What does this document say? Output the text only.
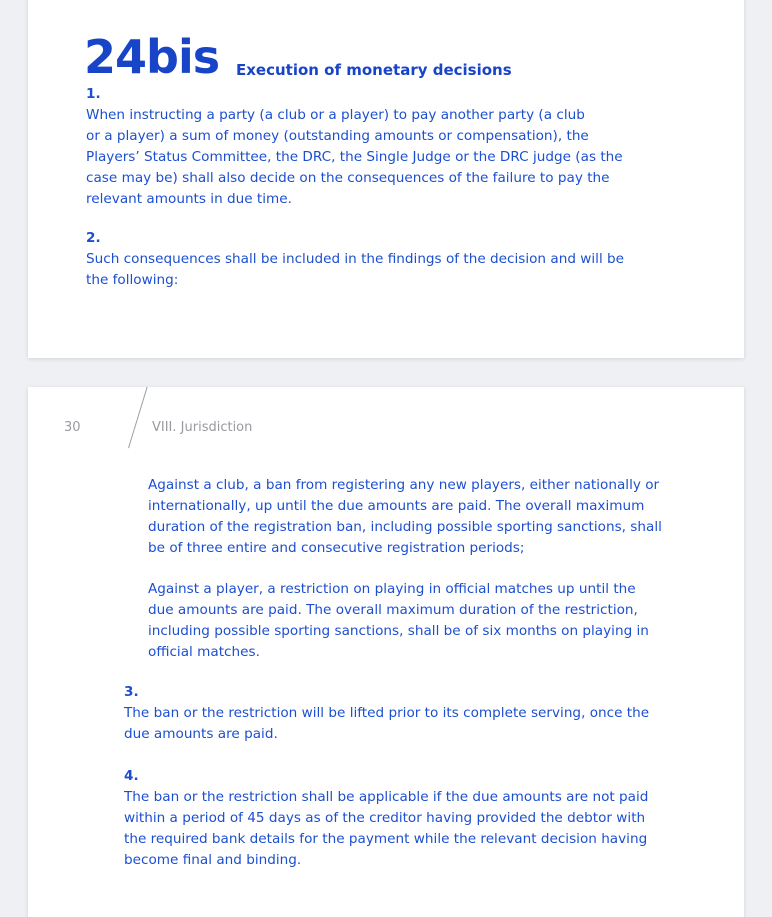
24bis Execution of monetary decisions
1.
When instructing a party (a club or a player) to pay another party (a club
or a player) a sum of money (outstanding amounts or compensation), the
Players’ Status Committee, the DRC, the Single Judge or the DRC judge (as the
case may be) shall also decide on the consequences of the failure to pay the
relevant amounts in due time.
2.
Such consequences shall be included in the findings of the decision and will be
the following:
30	VIII. Jurisdiction
Against a club, a ban from registering any new players, either nationally or
internationally, up until the due amounts are paid. The overall maximum
duration of the registration ban, including possible sporting sanctions, shall
be of three entire and consecutive registration periods;
Against a player, a restriction on playing in official matches up until the
due amounts are paid. The overall maximum duration of the restriction,
including possible sporting sanctions, shall be of six months on playing in
official matches.
3.
The ban or the restriction will be lifted prior to its complete serving, once the
due amounts are paid.
4.
The ban or the restriction shall be applicable if the due amounts are not paid
within a period of 45 days as of the creditor having provided the debtor with
the required bank details for the payment while the relevant decision having
become final and binding.
